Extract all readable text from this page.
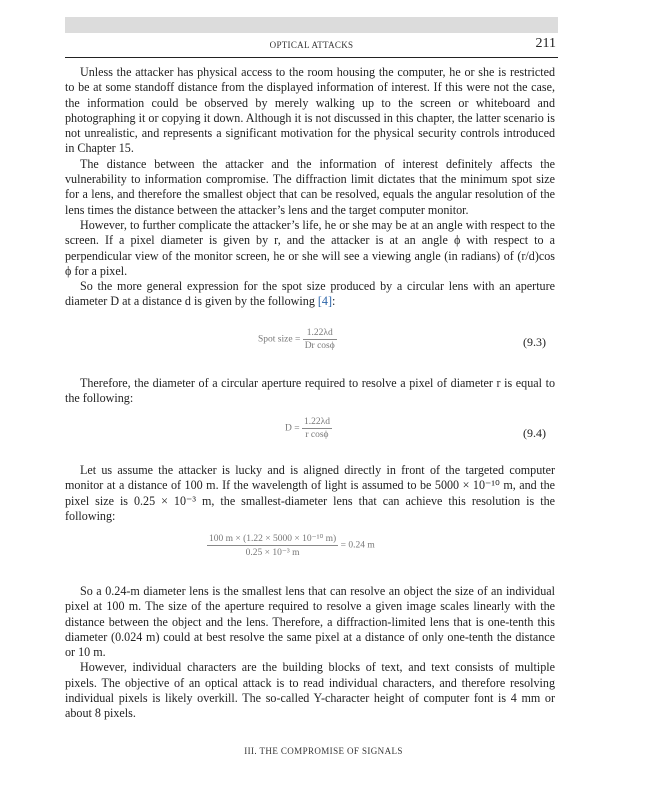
OPTICAL ATTACKS	211

Unless the attacker has physical access to the room housing the computer, he or she is restricted to be at some standoff distance from the displayed information of interest. If this were not the case, the information could be observed by merely walking up to the screen or whiteboard and photographing it or copying it down. Although it is not discussed in this chapter, the latter scenario is not unrealistic, and represents a significant motivation for the physical security controls introduced in Chapter 15.

The distance between the attacker and the information of interest definitely affects the vulnerability to information compromise. The diffraction limit dictates that the minimum spot size for a lens, and therefore the smallest object that can be resolved, equals the angular resolution of the lens times the distance between the attacker’s lens and the target computer monitor.

However, to further complicate the attacker’s life, he or she may be at an angle with respect to the screen. If a pixel diameter is given by r, and the attacker is at an angle ϕ with respect to a perpendicular view of the monitor screen, he or she will see a viewing angle (in radians) of (r/d)cos ϕ for a pixel.

So the more general expression for the spot size produced by a circular lens with an aperture diameter D at a distance d is given by the following [4]:

Spot size = $\frac{1.22\lambda d}{\text{Dr cosϕ}}$	(9.3)

Therefore, the diameter of a circular aperture required to resolve a pixel of diameter r is equal to the following:

$D = \frac{1.22\lambda d}{\text{r cosϕ}}$	(9.4)

Let us assume the attacker is lucky and is aligned directly in front of the targeted computer monitor at a distance of 100 m. If the wavelength of light is assumed to be 5000 × 10⁻¹⁰ m, and the pixel size is 0.25 × 10⁻³ m, the smallest-diameter lens that can achieve this resolution is the following:

$\frac{\text{100 m × (1.22 × 5000 × 10⁻¹⁰ m)}}{\text{0.25 × 10⁻³ m}} = 0.24$ m

So a 0.24-m diameter lens is the smallest lens that can resolve an object the size of an individual pixel at 100 m. The size of the aperture required to resolve a given image scales linearly with the distance between the object and the lens. Therefore, a diffraction-limited lens that is one-tenth this diameter (0.024 m) could at best resolve the same pixel at a distance of only one-tenth the distance or 10 m.

However, individual characters are the building blocks of text, and text consists of multiple pixels. The objective of an optical attack is to read individual characters, and therefore resolving individual pixels is likely overkill. The so-called Y-character height of computer font is 4 mm or about 8 pixels.

III. THE COMPROMISE OF SIGNALS
